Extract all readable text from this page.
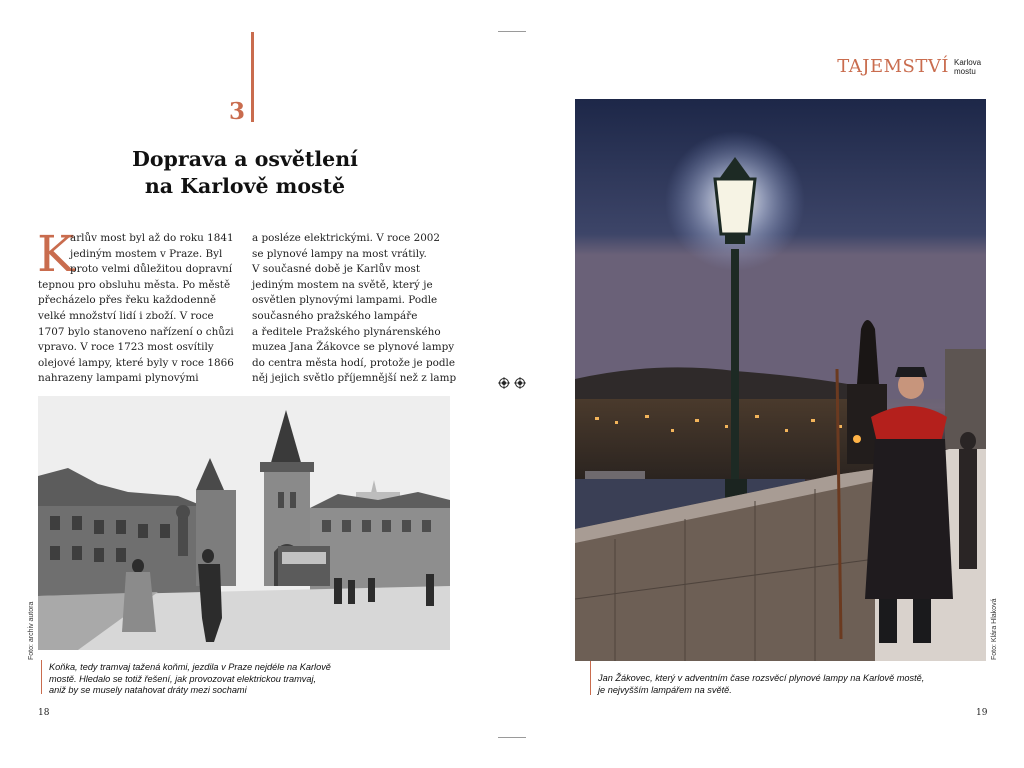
3
Doprava a osvětlení
na Karlově mostě
K
arlův most byl až do roku 1841
jediným mostem v Praze. Byl
proto velmi důležitou dopravní
tepnou pro obsluhu města. Po městě
přecházelo přes řeku každodenně
velké množství lidí i zboží. V roce
1707 bylo stanoveno nařízení o chůzi
vpravo. V roce 1723 most osvítily
olejové lampy, které byly v roce 1866
nahrazeny lampami plynovými
a posléze elektrickými. V roce 2002
se plynové lampy na most vrátily.
V současné době je Karlův most
jediným mostem na světě, který je
osvětlen plynovými lampami. Podle
současného pražského lampáře
a ředitele Pražského plynárenského
muzea Jana Žákovce se plynové lampy
do centra města hodí, protože je podle
něj jejich světlo příjemnější než z lamp
Foto: archiv autora
Koňka, tedy tramvaj tažená koňmi, jezdila v Praze nejdéle na Karlově
mostě. Hledalo se totiž řešení, jak provozovat elektrickou tramvaj,
aniž by se musely natahovat dráty mezi sochami
18
TAJEMSTVÍ Karlova
mostu
Foto: Klára Hlaková
Jan Žákovec, který v adventním čase rozsvěcí plynové lampy na Karlově mostě,
je nejvyšším lampářem na světě.
19
